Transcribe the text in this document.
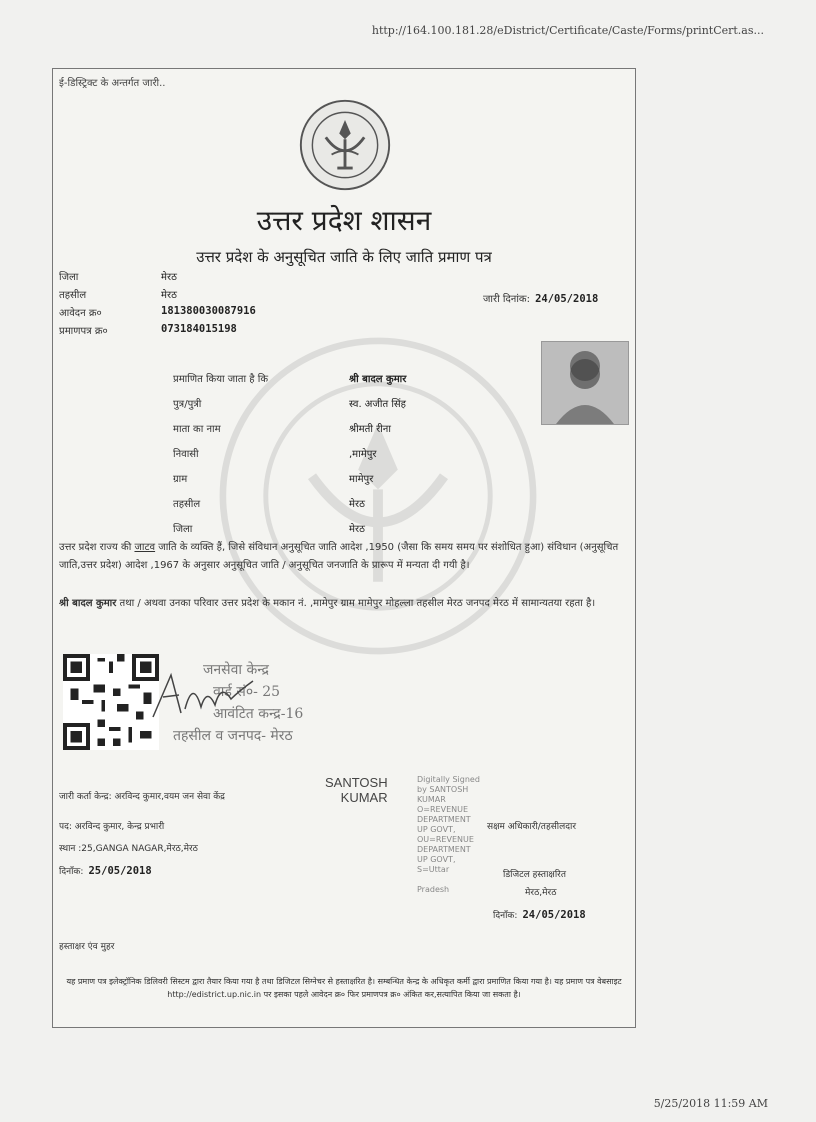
http://164.100.181.28/eDistrict/Certificate/Caste/Forms/printCert.as...
ई-डिस्ट्रिक्ट के अन्तर्गत जारी..
उत्तर प्रदेश शासन
उत्तर प्रदेश के अनुसूचित जाति के लिए जाति प्रमाण पत्र
जिला	मेरठ
तहसील	मेरठ
आवेदन क्र०	181380030087916
प्रमाणपत्र क्र०	073184015198
जारी दिनांक: 24/05/2018
प्रमाणित किया जाता है कि	श्री बादल कुमार
पुत्र/पुत्री	स्व. अजीत सिंह
माता का नाम	श्रीमती रीना
निवासी	,मामेपुर
ग्राम	मामेपुर
तहसील	मेरठ
जिला	मेरठ
उत्तर प्रदेश राज्य की जाटव जाति के व्यक्ति हैं, जिसे संविधान अनुसूचित जाति आदेश ,1950 (जैसा कि समय समय पर संशोधित हुआ) संविधान (अनुसूचित जाति,उत्तर प्रदेश) आदेश ,1967 के अनुसार अनुसूचित जाति / अनुसूचित जनजाति के प्रारूप में मन्यता दी गयी है।
श्री बादल कुमार तथा / अथवा उनका परिवार उत्तर प्रदेश के मकान नं. ,मामेपुर ग्राम मामेपुर मोहल्ला तहसील मेरठ जनपद मेरठ में सामान्यतया रहता है।
जनसेवा केन्द्र
वार्ड सं०- 25
आवंटित कन्द्र-16
तहसील व जनपद- मेरठ
SANTOSH
KUMAR
Digitally Signed
by SANTOSH
KUMAR
O=REVENUE
DEPARTMENT
UP GOVT,
OU=REVENUE
DEPARTMENT
UP GOVT,
S=Uttar
Pradesh
जारी कर्ता केन्द्र: अरविन्द कुमार,वयम जन सेवा केंद्र
पद: अरविन्द कुमार, केन्द्र प्रभारी
स्थान :25,GANGA NAGAR,मेरठ,मेरठ
दिनाँक: 25/05/2018
सक्षम अधिकारी/तहसीलदार
डिजिटल हस्ताक्षरित
मेरठ,मेरठ
दिनाँक: 24/05/2018
हस्ताक्षर एंव मुहर
यह प्रमाण पत्र इलेक्ट्रॉनिक डिलिवरी सिस्टम द्वारा तैयार किया गया है तथा डिजिटल सिग्नेचर से हस्ताक्षरित है। सम्बन्धित केन्द्र के अधिकृत कर्मी द्वारा प्रमाणित किया गया है। यह प्रमाण पत्र वेबसाइट http://edistrict.up.nic.in पर इसका पहले आवेदन क्र० फिर प्रमाणपत्र क्र० अंकित कर,सत्यापित किया जा सकता है।
5/25/2018 11:59 AM
